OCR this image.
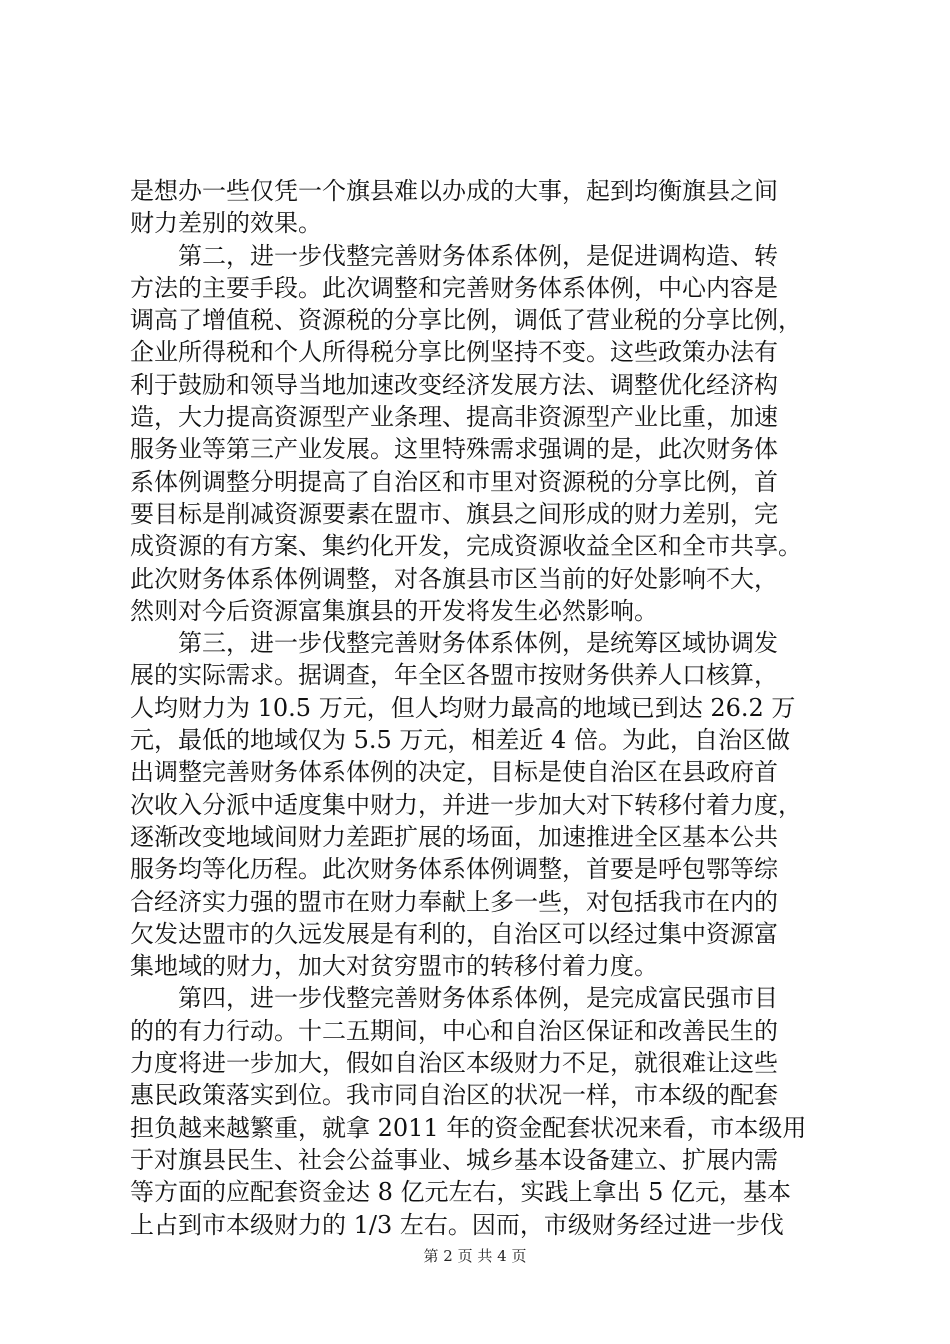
是想办一些仅凭一个旗县难以办成的大事，起到均衡旗县之间
财力差别的效果。
　　第二，进一步伐整完善财务体系体例，是促进调构造、转
方法的主要手段。此次调整和完善财务体系体例，中心内容是
调高了增值税、资源税的分享比例，调低了营业税的分享比例，
企业所得税和个人所得税分享比例坚持不变。这些政策办法有
利于鼓励和领导当地加速改变经济发展方法、调整优化经济构
造，大力提高资源型产业条理、提高非资源型产业比重，加速
服务业等第三产业发展。这里特殊需求强调的是，此次财务体
系体例调整分明提高了自治区和市里对资源税的分享比例，首
要目标是削减资源要素在盟市、旗县之间形成的财力差别，完
成资源的有方案、集约化开发，完成资源收益全区和全市共享。
此次财务体系体例调整，对各旗县市区当前的好处影响不大，
然则对今后资源富集旗县的开发将发生必然影响。
　　第三，进一步伐整完善财务体系体例，是统筹区域协调发
展的实际需求。据调查，年全区各盟市按财务供养人口核算，
人均财力为 10.5 万元，但人均财力最高的地域已到达 26.2 万
元，最低的地域仅为 5.5 万元，相差近 4 倍。为此，自治区做
出调整完善财务体系体例的决定，目标是使自治区在县政府首
次收入分派中适度集中财力，并进一步加大对下转移付着力度，
逐渐改变地域间财力差距扩展的场面，加速推进全区基本公共
服务均等化历程。此次财务体系体例调整，首要是呼包鄂等综
合经济实力强的盟市在财力奉献上多一些，对包括我市在内的
欠发达盟市的久远发展是有利的，自治区可以经过集中资源富
集地域的财力，加大对贫穷盟市的转移付着力度。
　　第四，进一步伐整完善财务体系体例，是完成富民强市目
的的有力行动。十二五期间，中心和自治区保证和改善民生的
力度将进一步加大，假如自治区本级财力不足，就很难让这些
惠民政策落实到位。我市同自治区的状况一样，市本级的配套
担负越来越繁重，就拿 2011 年的资金配套状况来看，市本级用
于对旗县民生、社会公益事业、城乡基本设备建立、扩展内需
等方面的应配套资金达 8 亿元左右，实践上拿出 5 亿元，基本
上占到市本级财力的 1/3 左右。因而，市级财务经过进一步伐
第 2 页 共 4 页
